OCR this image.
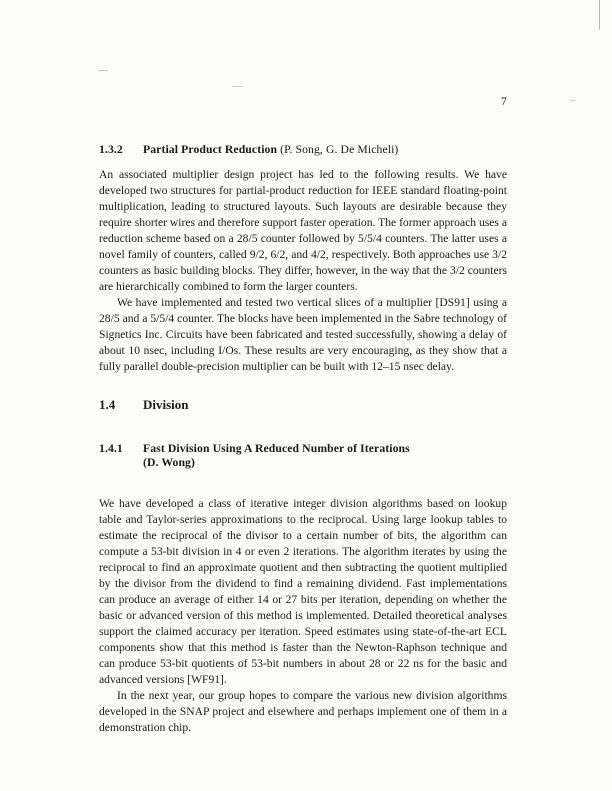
7
1.3.2 Partial Product Reduction (P. Song, G. De Micheli)

An associated multiplier design project has led to the following results. We have developed two structures for partial-product reduction for IEEE standard floating-point multiplication, leading to structured layouts. Such layouts are desirable because they require shorter wires and therefore support faster operation. The former approach uses a reduction scheme based on a 28/5 counter followed by 5/5/4 counters. The latter uses a novel family of counters, called 9/2, 6/2, and 4/2, respectively. Both approaches use 3/2 counters as basic building blocks. They differ, however, in the way that the 3/2 counters are hierarchically combined to form the larger counters.

We have implemented and tested two vertical slices of a multiplier [DS91] using a 28/5 and a 5/5/4 counter. The blocks have been implemented in the Sabre technology of Signetics Inc. Circuits have been fabricated and tested successfully, showing a delay of about 10 nsec, including I/Os. These results are very encouraging, as they show that a fully parallel double-precision multiplier can be built with 12–15 nsec delay.

1.4 Division
1.4.1 Fast Division Using A Reduced Number of Iterations
(D. Wong)

We have developed a class of iterative integer division algorithms based on lookup table and Taylor-series approximations to the reciprocal. Using large lookup tables to estimate the reciprocal of the divisor to a certain number of bits, the algorithm can compute a 53-bit division in 4 or even 2 iterations. The algorithm iterates by using the reciprocal to find an approximate quotient and then subtracting the quotient multiplied by the divisor from the dividend to find a remaining dividend. Fast implementations can produce an average of either 14 or 27 bits per iteration, depending on whether the basic or advanced version of this method is implemented. Detailed theoretical analyses support the claimed accuracy per iteration. Speed estimates using state-of-the-art ECL components show that this method is faster than the Newton-Raphson technique and can produce 53-bit quotients of 53-bit numbers in about 28 or 22 ns for the basic and advanced versions [WF91].

In the next year, our group hopes to compare the various new division algorithms developed in the SNAP project and elsewhere and perhaps implement one of them in a demonstration chip.
